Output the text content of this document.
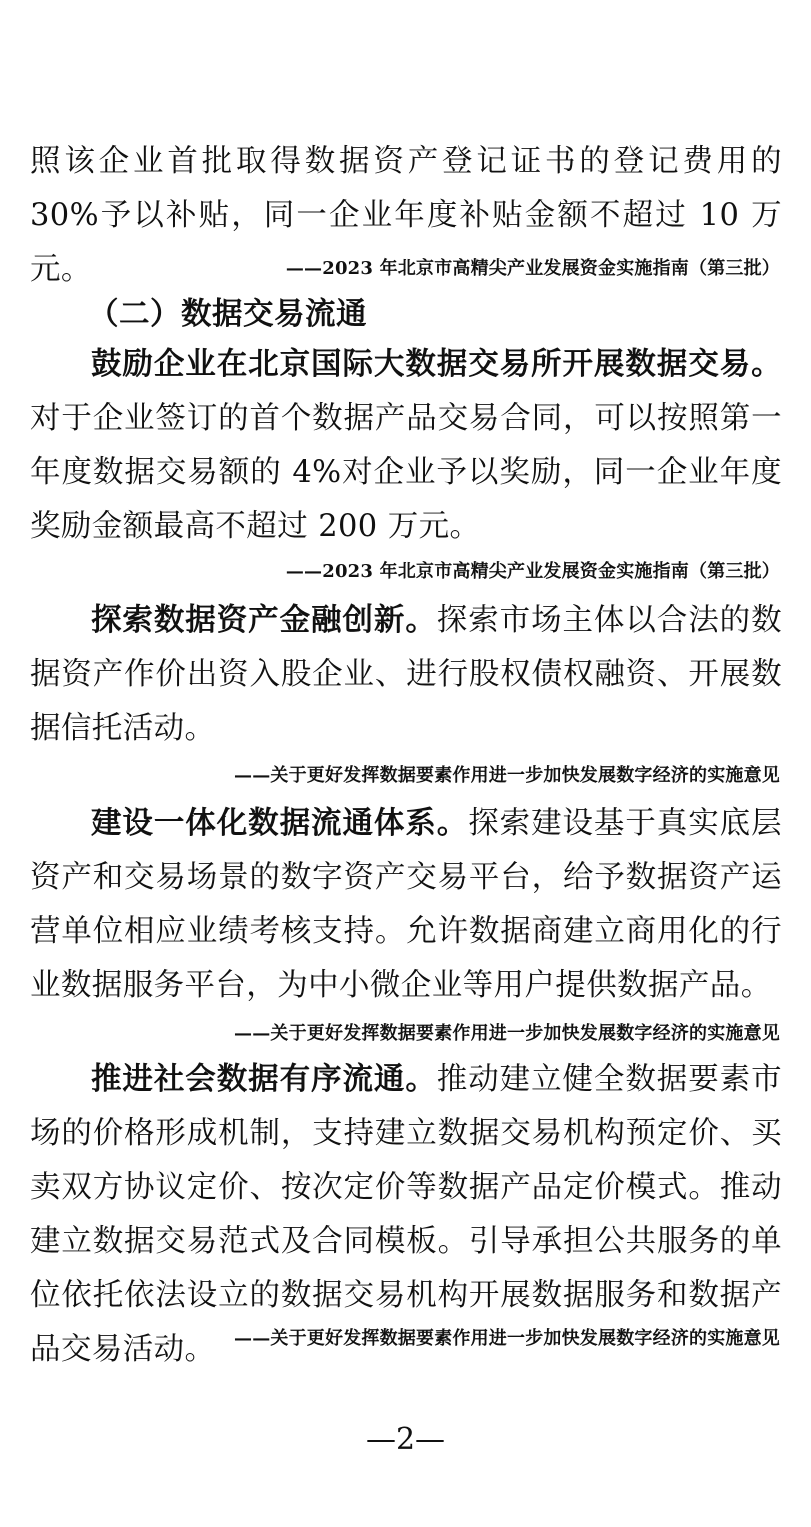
照该企业首批取得数据资产登记证书的登记费用的 30%予以补贴，同一企业年度补贴金额不超过 10 万元。	——2023 年北京市高精尖产业发展资金实施指南（第三批）
（二）数据交易流通

鼓励企业在北京国际大数据交易所开展数据交易。对于企业签订的首个数据产品交易合同，可以按照第一年度数据交易额的 4%对企业予以奖励，同一企业年度奖励金额最高不超过 200 万元。

——2023 年北京市高精尖产业发展资金实施指南（第三批）

探索数据资产金融创新。探索市场主体以合法的数据资产作价出资入股企业、进行股权债权融资、开展数据信托活动。

——关于更好发挥数据要素作用进一步加快发展数字经济的实施意见

建设一体化数据流通体系。探索建设基于真实底层资产和交易场景的数字资产交易平台，给予数据资产运营单位相应业绩考核支持。允许数据商建立商用化的行业数据服务平台，为中小微企业等用户提供数据产品。

——关于更好发挥数据要素作用进一步加快发展数字经济的实施意见

推进社会数据有序流通。推动建立健全数据要素市场的价格形成机制，支持建立数据交易机构预定价、买卖双方协议定价、按次定价等数据产品定价模式。推动建立数据交易范式及合同模板。引导承担公共服务的单位依托依法设立的数据交易机构开展数据服务和数据产品交易活动。	——关于更好发挥数据要素作用进一步加快发展数字经济的实施意见
—2—
